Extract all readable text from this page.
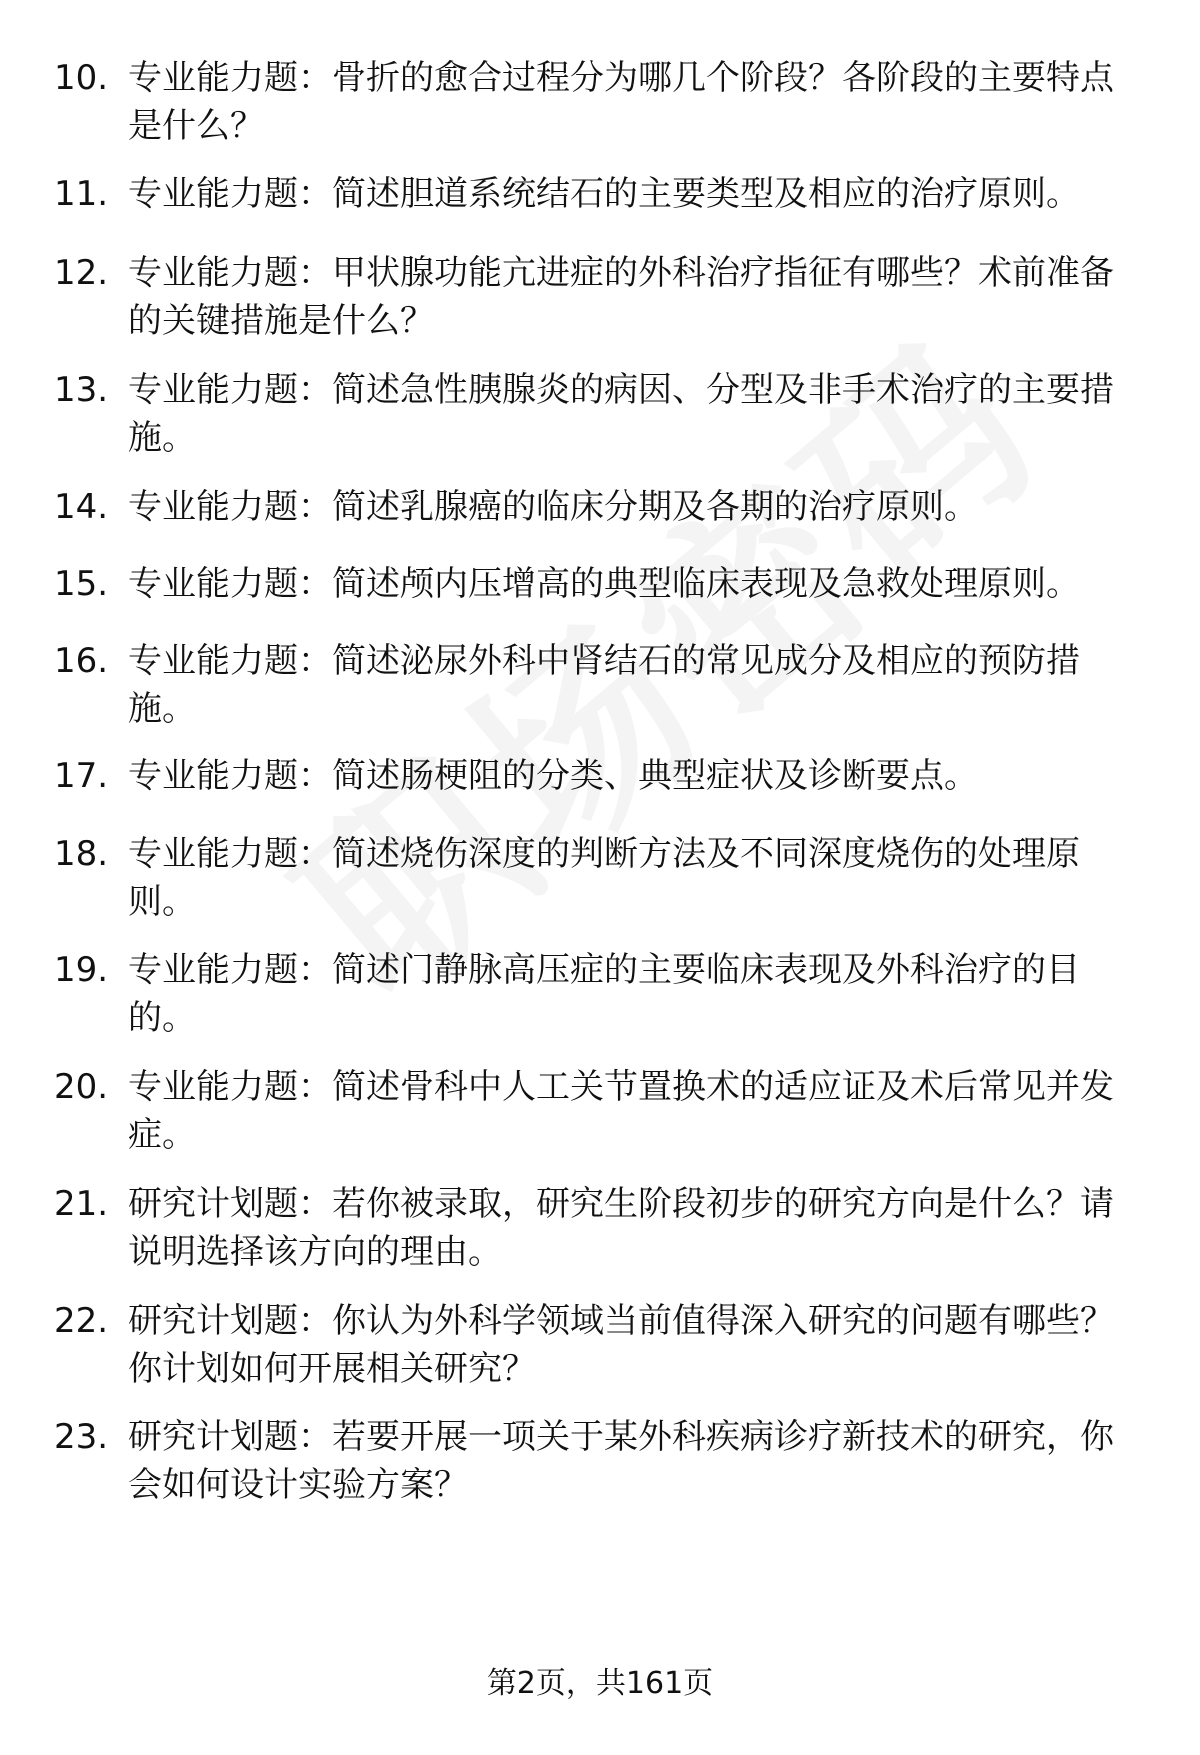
10. 专业能力题：骨折的愈合过程分为哪几个阶段？各阶段的主要特点是什么？
11. 专业能力题：简述胆道系统结石的主要类型及相应的治疗原则。
12. 专业能力题：甲状腺功能亢进症的外科治疗指征有哪些？术前准备的关键措施是什么？
13. 专业能力题：简述急性胰腺炎的病因、分型及非手术治疗的主要措施。
14. 专业能力题：简述乳腺癌的临床分期及各期的治疗原则。
15. 专业能力题：简述颅内压增高的典型临床表现及急救处理原则。
16. 专业能力题：简述泌尿外科中肾结石的常见成分及相应的预防措施。
17. 专业能力题：简述肠梗阻的分类、典型症状及诊断要点。
18. 专业能力题：简述烧伤深度的判断方法及不同深度烧伤的处理原则。
19. 专业能力题：简述门静脉高压症的主要临床表现及外科治疗的目的。
20. 专业能力题：简述骨科中人工关节置换术的适应证及术后常见并发症。
21. 研究计划题：若你被录取，研究生阶段初步的研究方向是什么？请说明选择该方向的理由。
22. 研究计划题：你认为外科学领域当前值得深入研究的问题有哪些？你计划如何开展相关研究？
23. 研究计划题：若要开展一项关于某外科疾病诊疗新技术的研究，你会如何设计实验方案？
第2页，共161页
